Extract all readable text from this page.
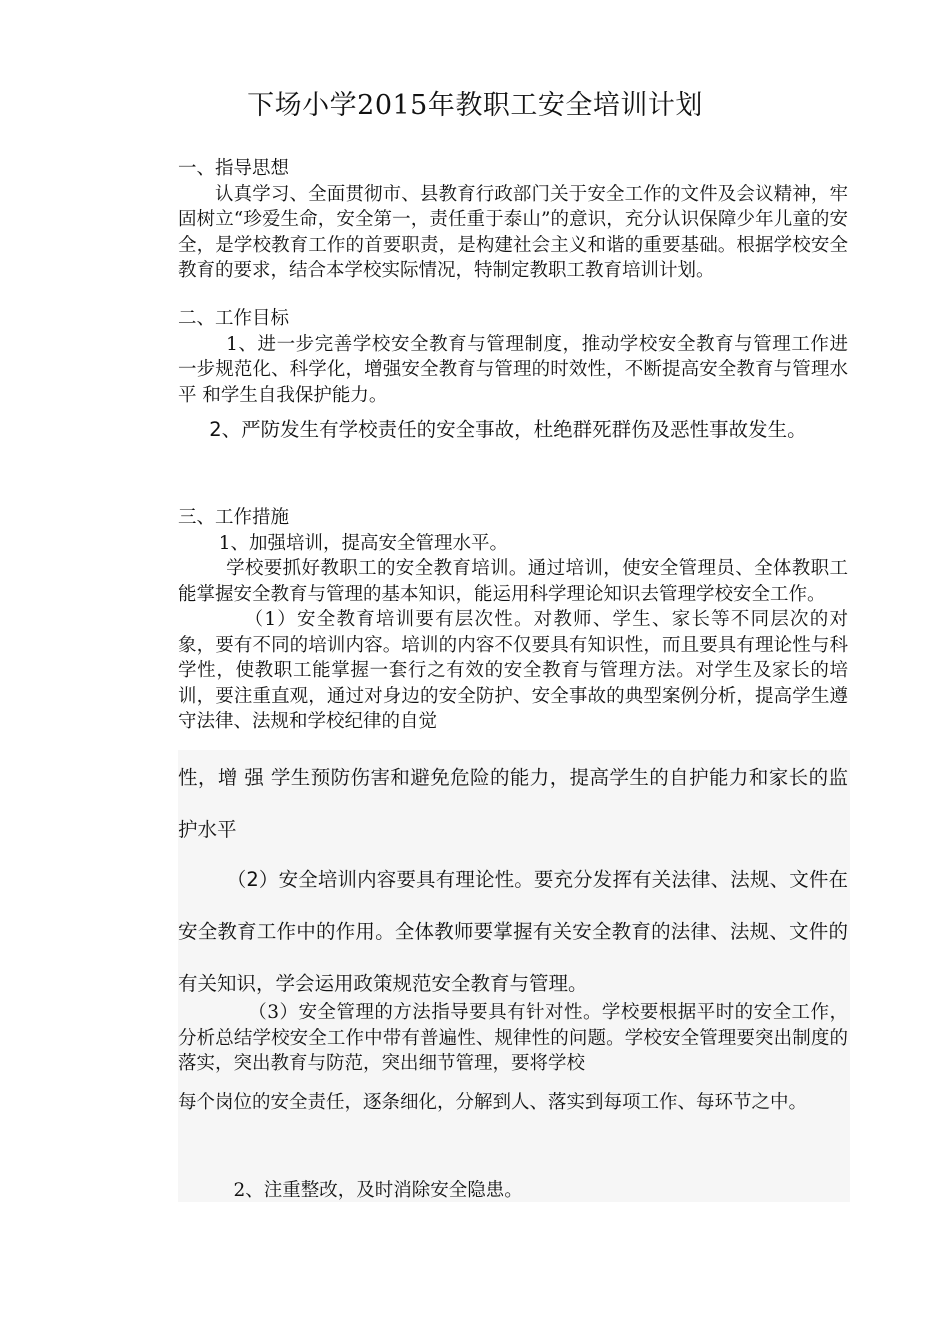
下场小学2015年教职工安全培训计划

一、指导思想

认真学习、全面贯彻市、县教育行政部门关于安全工作的文件及会议精神，牢固树立“珍爱生命，安全第一，责任重于泰山”的意识，充分认识保障少年儿童的安全，是学校教育工作的首要职责，是构建社会主义和谐的重要基础。根据学校安全教育的要求，结合本学校实际情况，特制定教职工教育培训计划。

二、工作目标

1、进一步完善学校安全教育与管理制度，推动学校安全教育与管理工作进一步规范化、科学化，增强安全教育与管理的时效性，不断提高安全教育与管理水平 和学生自我保护能力。

2、严防发生有学校责任的安全事故，杜绝群死群伤及恶性事故发生。

三、工作措施

1、加强培训，提高安全管理水平。

学校要抓好教职工的安全教育培训。通过培训，使安全管理员、全体教职工能掌握安全教育与管理的基本知识，能运用科学理论知识去管理学校安全工作。

（1）安全教育培训要有层次性。对教师、学生、家长等不同层次的对象，要有不同的培训内容。培训的内容不仅要具有知识性，而且要具有理论性与科学性，使教职工能掌握一套行之有效的安全教育与管理方法。对学生及家长的培训，要注重直观，通过对身边的安全防护、安全事故的典型案例分析，提高学生遵守法律、法规和学校纪律的自觉

性，增 强 学生预防伤害和避免危险的能力，提高学生的自护能力和家长的监护水平

（2）安全培训内容要具有理论性。要充分发挥有关法律、法规、文件在安全教育工作中的作用。全体教师要掌握有关安全教育的法律、法规、文件的有关知识，学会运用政策规范安全教育与管理。

（3）安全管理的方法指导要具有针对性。学校要根据平时的安全工作，分析总结学校安全工作中带有普遍性、规律性的问题。学校安全管理要突出制度的落实，突出教育与防范，突出细节管理，要将学校

每个岗位的安全责任，逐条细化，分解到人、落实到每项工作、每环节之中。

2、注重整改，及时消除安全隐患。
